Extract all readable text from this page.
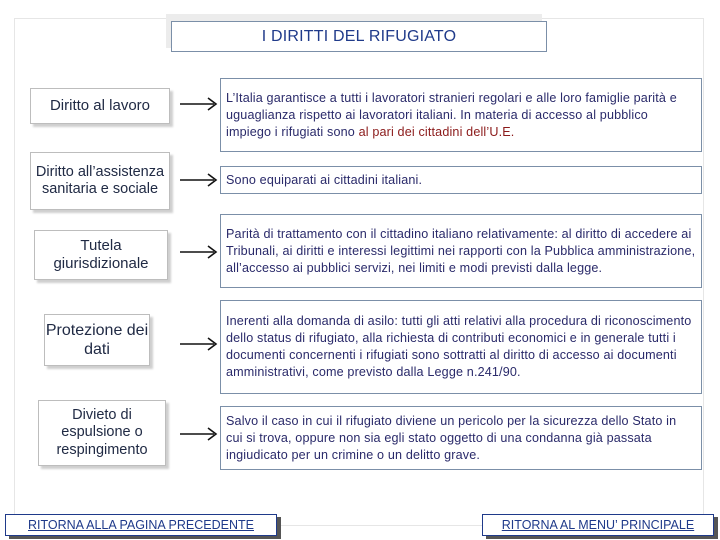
I DIRITTI DEL RIFUGIATO
Diritto al lavoro	L’Italia garantisce a tutti i lavoratori stranieri regolari e alle loro famiglie parità e uguaglianza rispetto ai lavoratori italiani. In materia di accesso al pubblico impiego i rifugiati sono al pari dei cittadini dell’U.E.
Diritto all’assistenza sanitaria e sociale
Sono equiparati ai cittadini italiani.
Tutela giurisdizionale
Parità di trattamento con il cittadino italiano relativamente: al diritto di accedere ai Tribunali, ai diritti e interessi legittimi nei rapporti con la Pubblica amministrazione, all’accesso ai pubblici servizi, nei limiti e modi previsti dalla legge.
Protezione dei dati
Inerenti alla domanda di asilo: tutti gli atti relativi alla procedura di riconoscimento dello status di rifugiato, alla richiesta di contributi economici e in generale tutti i documenti concernenti i rifugiati sono sottratti al diritto di accesso ai documenti amministrativi, come previsto dalla Legge n.241/90.
Divieto di espulsione o respingimento
Salvo il caso in cui il rifugiato diviene un pericolo per la sicurezza dello Stato in cui si trova, oppure non sia egli stato oggetto di una condanna già passata ingiudicato per un crimine o un delitto grave.
RITORNA ALLA PAGINA PRECEDENTE	RITORNA AL MENU’ PRINCIPALE
